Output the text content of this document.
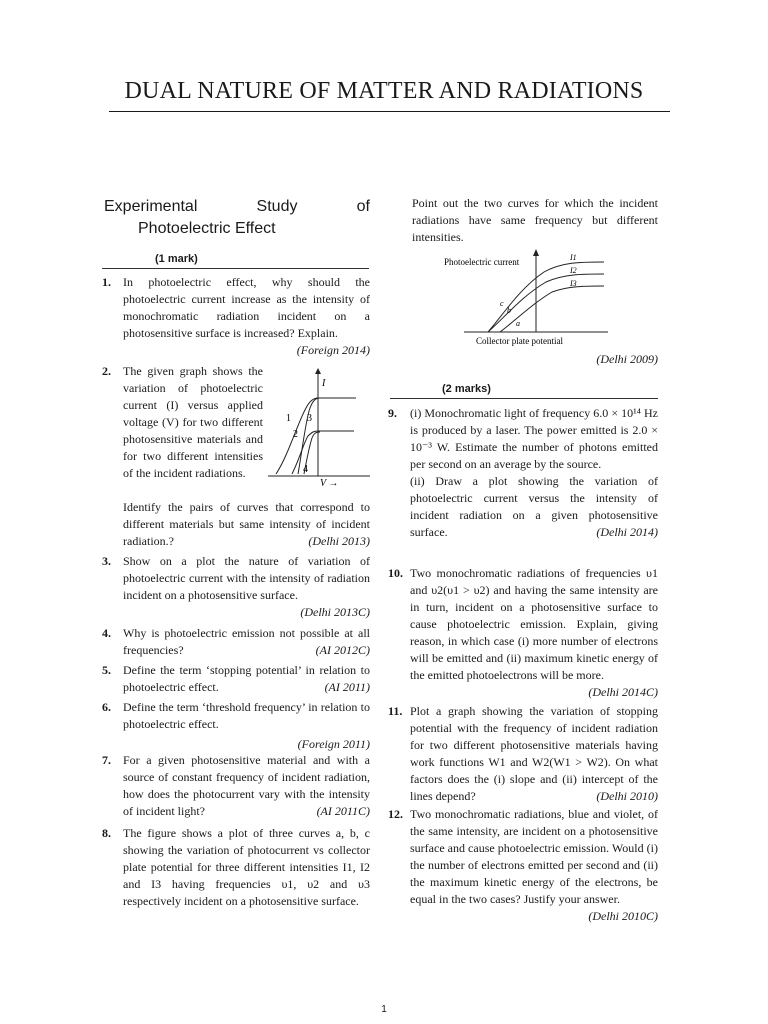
DUAL NATURE OF MATTER AND RADIATIONS
Experimental	Study	of
Photoelectric Effect
(1 mark)
1. In photoelectric effect, why should the photoelectric current increase as the intensity of monochromatic radiation incident on a photosensitive surface is increased? Explain.
(Foreign 2014)
2. The given graph shows the variation of photoelectric current (I) versus applied voltage (V) for two different photosensitive materials and for two different intensities of the incident radiations.
Identify the pairs of curves that correspond to different materials but same intensity of incident radiation.?	(Delhi 2013)
I
V →
1
2
3
4
3. Show on a plot the nature of variation of photoelectric current with the intensity of radiation incident on a photosensitive surface.
(Delhi 2013C)
4. Why is photoelectric emission not possible at all frequencies?	(AI 2012C)
5. Define the term ‘stopping potential’ in relation to photoelectric effect.	(AI 2011)
6. Define the term ‘threshold frequency’ in relation to photoelectric effect.
(Foreign 2011)
7. For a given photosensitive material and with a source of constant frequency of incident radiation, how does the photocurrent vary with the intensity of incident light?	(AI 2011C)
8. The figure shows a plot of three curves a, b, c showing the variation of photocurrent vs collector plate potential for three different intensities I1, I2 and I3 having frequencies υ1, υ2 and υ3 respectively incident on a photosensitive surface.
Point out the two curves for which the incident radiations have same frequency but different intensities.
Photoelectric current
Collector plate potential
I1
I2
I3
c
b
a
(Delhi 2009)
(2 marks)
9. (i) Monochromatic light of frequency 6.0 × 10¹⁴ Hz is produced by a laser. The power emitted is 2.0 × 10⁻³ W. Estimate the number of photons emitted per second on an average by the source.
(ii) Draw a plot showing the variation of photoelectric current versus the intensity of incident radiation on a given photosensitive surface.	(Delhi 2014)
10. Two monochromatic radiations of frequencies υ1 and υ2(υ1 > υ2) and having the same intensity are in turn, incident on a photosensitive surface to cause photoelectric emission. Explain, giving reason, in which case (i) more number of electrons will be emitted and (ii) maximum kinetic energy of the emitted photoelectrons will be more.
(Delhi 2014C)
11. Plot a graph showing the variation of stopping potential with the frequency of incident radiation for two different photosensitive materials having work functions W1 and W2(W1 > W2). On what factors does the (i) slope and (ii) intercept of the lines depend?	(Delhi 2010)
12. Two monochromatic radiations, blue and violet, of the same intensity, are incident on a photosensitive surface and cause photoelectric emission. Would (i) the number of electrons emitted per second and (ii) the maximum kinetic energy of the electrons, be equal in the two cases? Justify your answer.
(Delhi 2010C)
1
